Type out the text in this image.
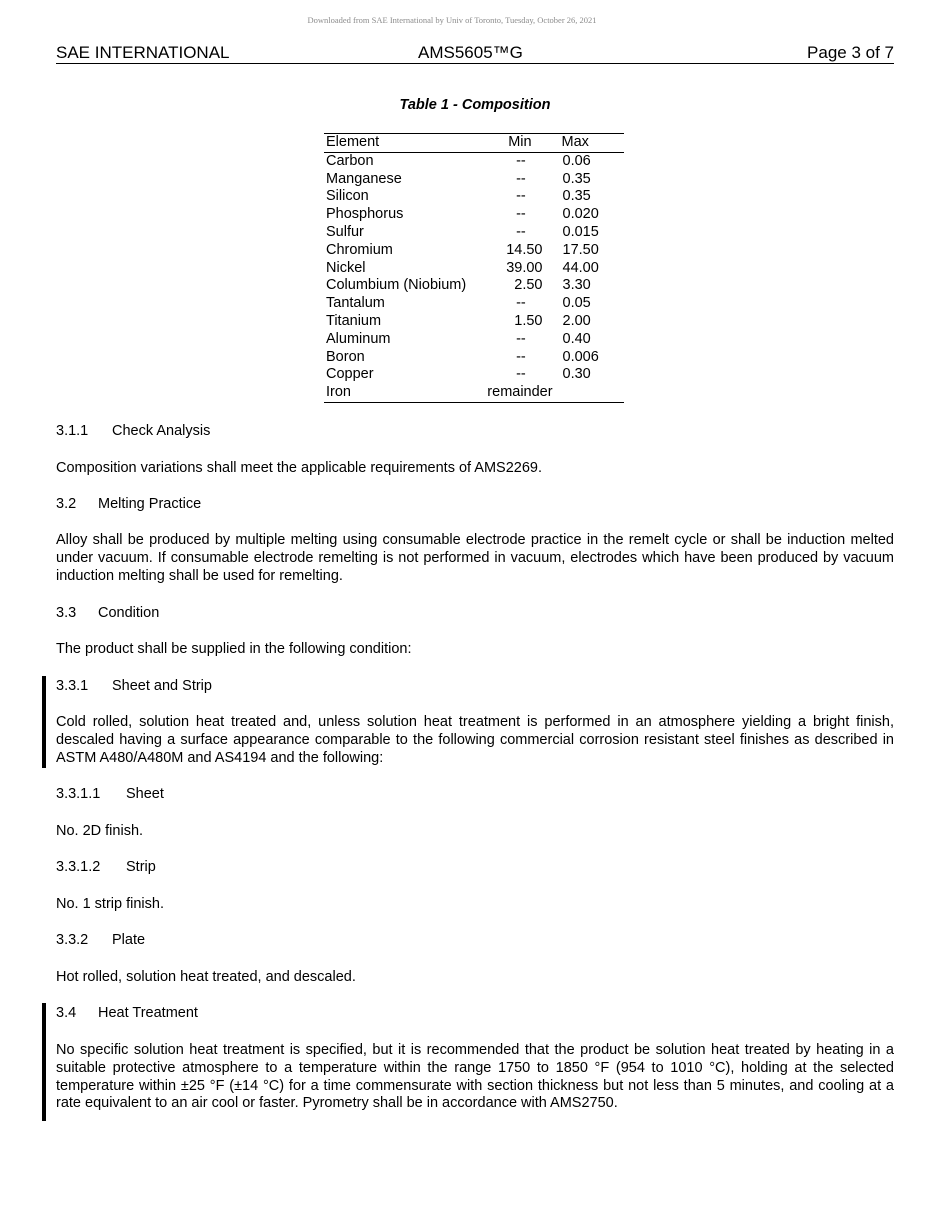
Downloaded from SAE International by Univ of Toronto, Tuesday, October 26, 2021
SAE INTERNATIONAL	AMS5605™G	Page 3 of 7
Table 1 - Composition
Element	Min	Max
Carbon	--	0.06
Manganese	--	0.35
Silicon	--	0.35
Phosphorus	--	0.020
Sulfur	--	0.015
Chromium	14.50	17.50
Nickel	39.00	44.00
Columbium (Niobium)	2.50	3.30
Tantalum	--	0.05
Titanium	1.50	2.00
Aluminum	--	0.40
Boron	--	0.006
Copper	--	0.30
Iron	remainder	
3.1.1 Check Analysis
Composition variations shall meet the applicable requirements of AMS2269.
3.2 Melting Practice
Alloy shall be produced by multiple melting using consumable electrode practice in the remelt cycle or shall be induction melted under vacuum. If consumable electrode remelting is not performed in vacuum, electrodes which have been produced by vacuum induction melting shall be used for remelting.
3.3 Condition
The product shall be supplied in the following condition:
3.3.1 Sheet and Strip
Cold rolled, solution heat treated and, unless solution heat treatment is performed in an atmosphere yielding a bright finish, descaled having a surface appearance comparable to the following commercial corrosion resistant steel finishes as described in ASTM A480/A480M and AS4194 and the following:
3.3.1.1 Sheet
No. 2D finish.
3.3.1.2 Strip
No. 1 strip finish.
3.3.2 Plate
Hot rolled, solution heat treated, and descaled.
3.4 Heat Treatment
No specific solution heat treatment is specified, but it is recommended that the product be solution heat treated by heating in a suitable protective atmosphere to a temperature within the range 1750 to 1850 °F (954 to 1010 °C), holding at the selected temperature within ±25 °F (±14 °C) for a time commensurate with section thickness but not less than 5 minutes, and cooling at a rate equivalent to an air cool or faster. Pyrometry shall be in accordance with AMS2750.
